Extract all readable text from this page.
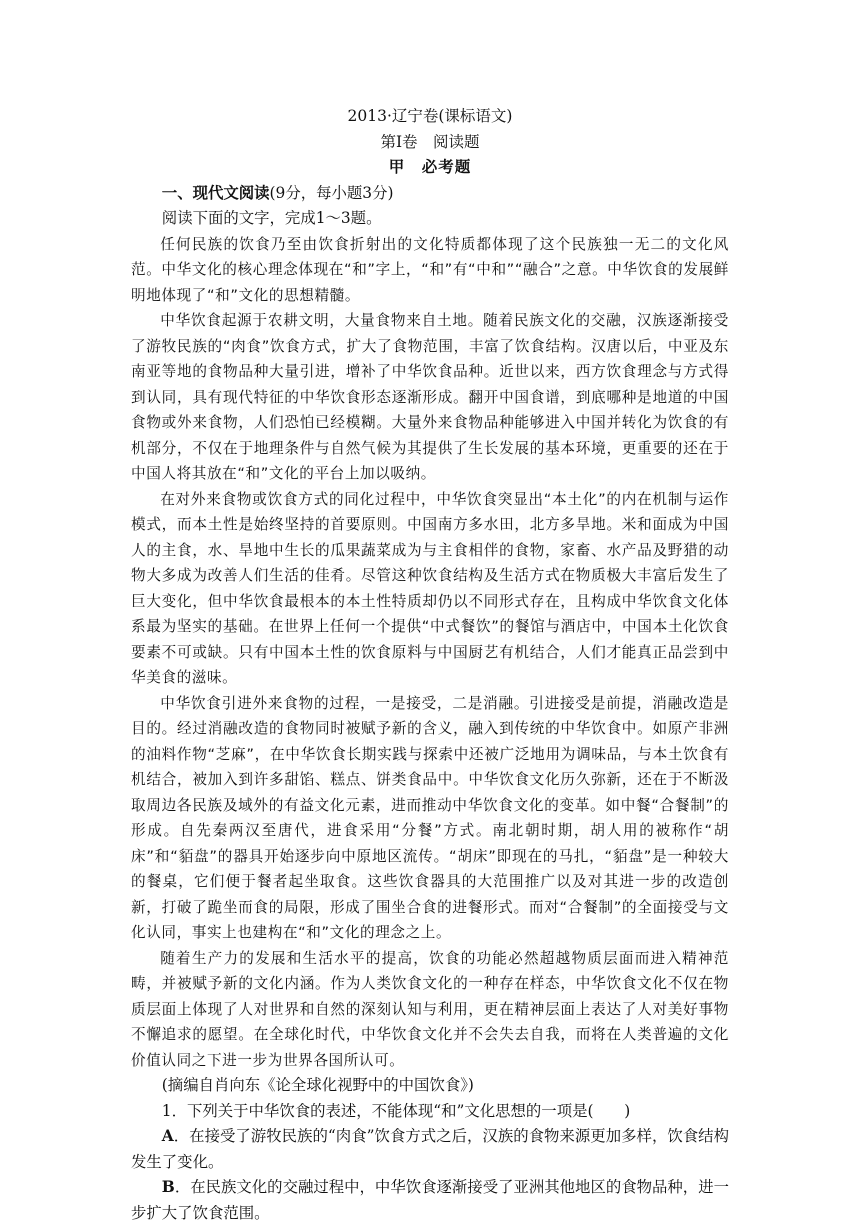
2013·辽宁卷(课标语文)

第Ⅰ卷　阅读题

甲　必考题

一、现代文阅读(9分，每小题3分)

阅读下面的文字，完成1～3题。

任何民族的饮食乃至由饮食折射出的文化特质都体现了这个民族独一无二的文化风范。中华文化的核心理念体现在“和”字上，“和”有“中和”“融合”之意。中华饮食的发展鲜明地体现了“和”文化的思想精髓。

中华饮食起源于农耕文明，大量食物来自土地。随着民族文化的交融，汉族逐渐接受了游牧民族的“肉食”饮食方式，扩大了食物范围，丰富了饮食结构。汉唐以后，中亚及东南亚等地的食物品种大量引进，增补了中华饮食品种。近世以来，西方饮食理念与方式得到认同，具有现代特征的中华饮食形态逐渐形成。翻开中国食谱，到底哪种是地道的中国食物或外来食物，人们恐怕已经模糊。大量外来食物品种能够进入中国并转化为饮食的有机部分，不仅在于地理条件与自然气候为其提供了生长发展的基本环境，更重要的还在于中国人将其放在“和”文化的平台上加以吸纳。

在对外来食物或饮食方式的同化过程中，中华饮食突显出“本土化”的内在机制与运作模式，而本土性是始终坚持的首要原则。中国南方多水田，北方多旱地。米和面成为中国人的主食，水、旱地中生长的瓜果蔬菜成为与主食相伴的食物，家畜、水产品及野猎的动物大多成为改善人们生活的佳肴。尽管这种饮食结构及生活方式在物质极大丰富后发生了巨大变化，但中华饮食最根本的本土性特质却仍以不同形式存在，且构成中华饮食文化体系最为坚实的基础。在世界上任何一个提供“中式餐饮”的餐馆与酒店中，中国本土化饮食要素不可或缺。只有中国本土性的饮食原料与中国厨艺有机结合，人们才能真正品尝到中华美食的滋味。

中华饮食引进外来食物的过程，一是接受，二是消融。引进接受是前提，消融改造是目的。经过消融改造的食物同时被赋予新的含义，融入到传统的中华饮食中。如原产非洲的油料作物“芝麻”，在中华饮食长期实践与探索中还被广泛地用为调味品，与本土饮食有机结合，被加入到许多甜馅、糕点、饼类食品中。中华饮食文化历久弥新，还在于不断汲取周边各民族及域外的有益文化元素，进而推动中华饮食文化的变革。如中餐“合餐制”的形成。自先秦两汉至唐代，进食采用“分餐”方式。南北朝时期，胡人用的被称作“胡床”和“貊盘”的器具开始逐步向中原地区流传。“胡床”即现在的马扎，“貊盘”是一种较大的餐桌，它们便于餐者起坐取食。这些饮食器具的大范围推广以及对其进一步的改造创新，打破了跪坐而食的局限，形成了围坐合食的进餐形式。而对“合餐制”的全面接受与文化认同，事实上也建构在“和”文化的理念之上。

随着生产力的发展和生活水平的提高，饮食的功能必然超越物质层面而进入精神范畴，并被赋予新的文化内涵。作为人类饮食文化的一种存在样态，中华饮食文化不仅在物质层面上体现了人对世界和自然的深刻认知与利用，更在精神层面上表达了人对美好事物不懈追求的愿望。在全球化时代，中华饮食文化并不会失去自我，而将在人类普遍的文化价值认同之下进一步为世界各国所认可。

(摘编自肖向东《论全球化视野中的中国饮食》)

1．下列关于中华饮食的表述，不能体现“和”文化思想的一项是(　　)

A．在接受了游牧民族的“肉食”饮食方式之后，汉族的食物来源更加多样，饮食结构发生了变化。

B．在民族文化的交融过程中，中华饮食逐渐接受了亚洲其他地区的食物品种，进一步扩大了饮食范围。
